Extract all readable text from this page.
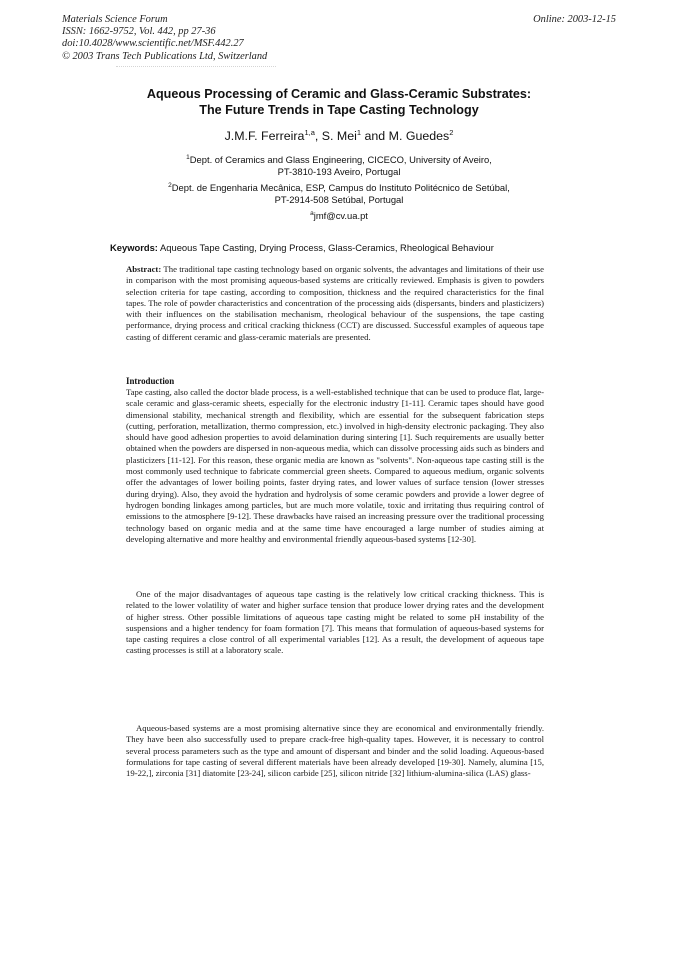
Materials Science Forum
ISSN: 1662-9752, Vol. 442, pp 27-36
doi:10.4028/www.scientific.net/MSF.442.27
© 2003 Trans Tech Publications Ltd, Switzerland
Online: 2003-12-15
Aqueous Processing of Ceramic and Glass-Ceramic Substrates:
The Future Trends in Tape Casting Technology
J.M.F. Ferreira$^{1,a}$, S. Mei$^1$ and M. Guedes$^2$
$^1$Dept. of Ceramics and Glass Engineering, CICECO, University of Aveiro,
PT-3810-193 Aveiro, Portugal
$^2$Dept. de Engenharia Mecânica, ESP, Campus do Instituto Politécnico de Setúbal,
PT-2914-508 Setúbal, Portugal
$^a$jmf@cv.ua.pt
Keywords: Aqueous Tape Casting, Drying Process, Glass-Ceramics, Rheological Behaviour
Abstract: The traditional tape casting technology based on organic solvents, the advantages and limitations of their use in comparison with the most promising aqueous-based systems are critically reviewed. Emphasis is given to powders selection criteria for tape casting, according to composition, thickness and the required characteristics for the final tapes. The role of powder characteristics and concentration of the processing aids (dispersants, binders and plasticizers) with their influences on the stabilisation mechanism, rheological behaviour of the suspensions, the tape casting performance, drying process and critical cracking thickness (CCT) are discussed. Successful examples of aqueous tape casting of different ceramic and glass-ceramic materials are presented.
Introduction
Tape casting, also called the doctor blade process, is a well-established technique that can be used to produce flat, large-scale ceramic and glass-ceramic sheets, especially for the electronic industry [1-11]. Ceramic tapes should have good dimensional stability, mechanical strength and flexibility, which are essential for the subsequent fabrication steps (cutting, perforation, metallization, thermo compression, etc.) involved in high-density electronic packaging. They also should have good adhesion properties to avoid delamination during sintering [1]. Such requirements are usually better obtained when the powders are dispersed in non-aqueous media, which can dissolve processing aids such as binders and plasticizers [11-12]. For this reason, these organic media are known as "solvents". Non-aqueous tape casting still is the most commonly used technique to fabricate commercial green sheets. Compared to aqueous medium, organic solvents offer the advantages of lower boiling points, faster drying rates, and lower values of surface tension (lower stresses during drying). Also, they avoid the hydration and hydrolysis of some ceramic powders and provide a lower degree of hydrogen bonding linkages among particles, but are much more volatile, toxic and irritating thus requiring control of emissions to the atmosphere [9-12]. These drawbacks have raised an increasing pressure over the traditional processing technology based on organic media and at the same time have encouraged a large number of studies aiming at developing alternative and more healthy and environmental friendly aqueous-based systems [12-30].
One of the major disadvantages of aqueous tape casting is the relatively low critical cracking thickness. This is related to the lower volatility of water and higher surface tension that produce lower drying rates and the development of higher stress. Other possible limitations of aqueous tape casting might be related to some pH instability of the suspensions and a higher tendency for foam formation [7]. This means that formulation of aqueous-based systems for tape casting requires a close control of all experimental variables [12]. As a result, the development of aqueous tape casting processes is still at a laboratory scale.
Aqueous-based systems are a most promising alternative since they are economical and environmentally friendly. They have been also successfully used to prepare crack-free high-quality tapes. However, it is necessary to control several process parameters such as the type and amount of dispersant and binder and the solid loading. Aqueous-based formulations for tape casting of several different materials have been already developed [19-30]. Namely, alumina [15, 19-22,], zirconia [31] diatomite [23-24], silicon carbide [25], silicon nitride [32] lithium-alumina-silica (LAS) glass-
